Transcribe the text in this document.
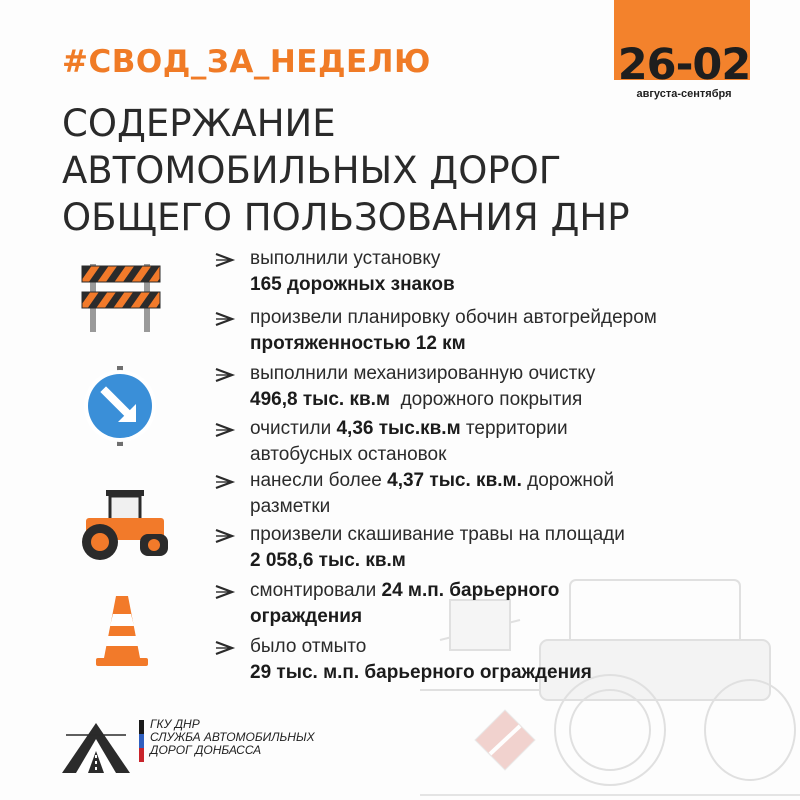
#СВОД_ЗА_НЕДЕЛЮ	26-02
августа-сентября
СОДЕРЖАНИЕ
АВТОМОБИЛЬНЫХ ДОРОГ
ОБЩЕГО ПОЛЬЗОВАНИЯ ДНР
выполнили установку
165 дорожных знаков
произвели планировку обочин автогрейдером
протяженностью 12 км
выполнили механизированную очистку
496,8 тыс. кв.м  дорожного покрытия
очистили 4,36 тыс.кв.м территории
автобусных остановок
нанесли более 4,37 тыс. кв.м. дорожной
разметки
произвели скашивание травы на площади
2 058,6 тыс. кв.м
смонтировали 24 м.п. барьерного
ограждения
было отмыто
29 тыс. м.п. барьерного ограждения
ГКУ ДНР
СЛУЖБА АВТОМОБИЛЬНЫХ
ДОРОГ ДОНБАССА
